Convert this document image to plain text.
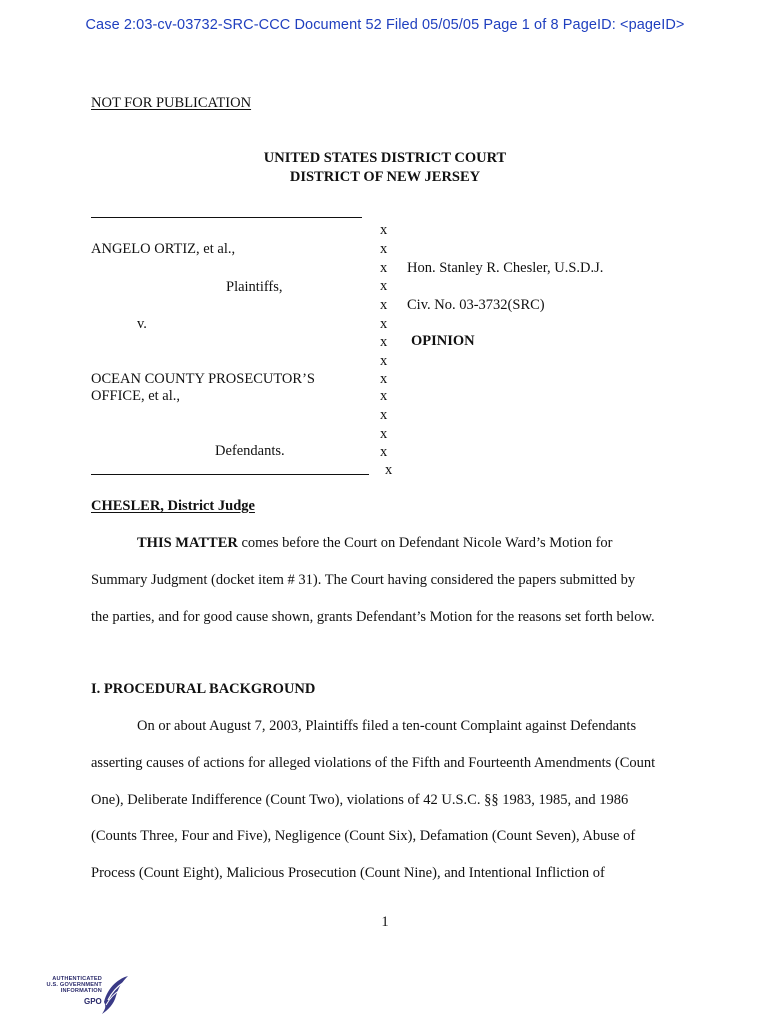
Case 2:03-cv-03732-SRC-CCC Document 52 Filed 05/05/05 Page 1 of 8 PageID: <pageID>
NOT FOR PUBLICATION
UNITED STATES DISTRICT COURT
DISTRICT OF NEW JERSEY
ANGELO ORTIZ, et al.,
Plaintiffs,
v.
OCEAN COUNTY PROSECUTOR’S
OFFICE, et al.,
Defendants.
x
x
x
x
x
x
x
x
x
x
x
x
x
x
Hon. Stanley R. Chesler, U.S.D.J.
Civ. No. 03-3732(SRC)
OPINION
CHESLER, District Judge
THIS MATTER comes before the Court on Defendant Nicole Ward’s Motion for
Summary Judgment (docket item # 31). The Court having considered the papers submitted by
the parties, and for good cause shown, grants Defendant’s Motion for the reasons set forth below.
I. PROCEDURAL BACKGROUND
On or about August 7, 2003, Plaintiffs filed a ten-count Complaint against Defendants
asserting causes of actions for alleged violations of the Fifth and Fourteenth Amendments (Count
One), Deliberate Indifference (Count Two), violations of 42 U.S.C. §§ 1983, 1985, and 1986
(Counts Three, Four and Five), Negligence (Count Six), Defamation (Count Seven), Abuse of
Process (Count Eight), Malicious Prosecution (Count Nine), and Intentional Infliction of
1
AUTHENTICATED
U.S. GOVERNMENT
INFORMATION
GPO
